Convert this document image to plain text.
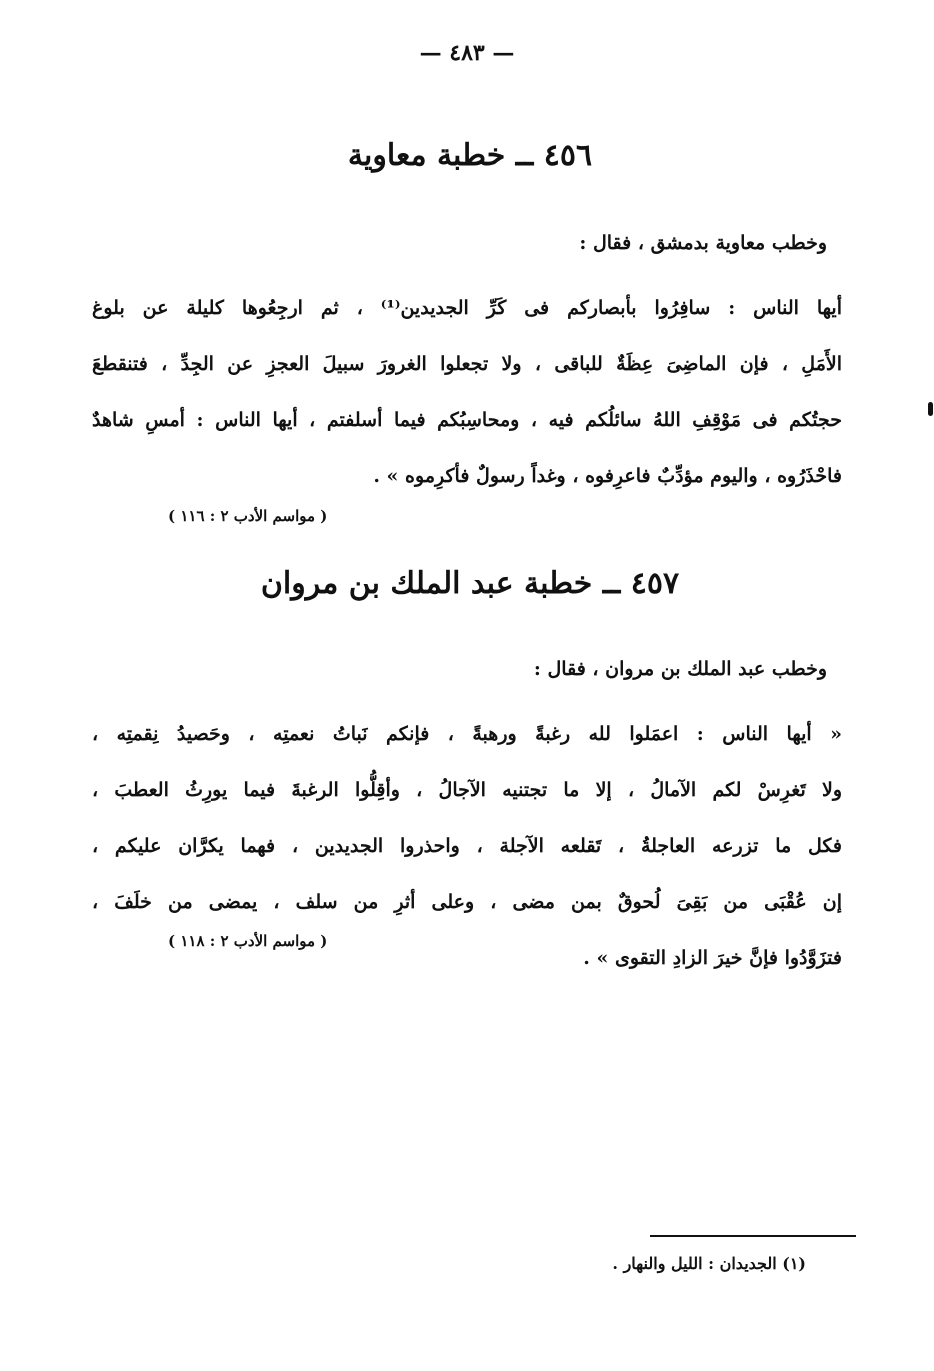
— ٤٨٣ —
٤٥٦ ــ خطبة معاوية
وخطب معاوية بدمشق ، فقال :
أيها الناس : سافِرُوا بأبصاركم فى كَرِّ الجديدين⁽¹⁾ ، ثم ارجِعُوها كليلة عن بلوغ
الأَمَلِ ، فإن الماضِىَ عِظَةٌ للباقى ، ولا تجعلوا الغرورَ سبيلَ العجزِ عن الجِدِّ ، فتنقطعَ
حجتُكم فى مَوْقِفِ اللهُ سائلُكم فيه ، ومحاسِبُكم فيما أسلفتم ، أيها الناس : أمسِ شاهدٌ
فاحْذَرُوه ، واليوم مؤدِّبٌ فاعرِفوه ، وغداً رسولٌ فأكرِموه » .
( مواسم الأدب ٢ : ١١٦ )
٤٥٧ ــ خطبة عبد الملك بن مروان
وخطب عبد الملك بن مروان ، فقال :
« أيها الناس : اعمَلوا لله رغبةً ورهبةً ، فإنكم نَباتُ نعمتِه ، وحَصيدُ نِقمتِه ،
ولا تَغرِسْ لكم الآمالُ ، إلا ما تجتنيه الآجالُ ، وأقِلُّوا الرغبةَ فيما يورِثُ العطبَ ،
فكل ما تزرعه العاجلةُ ، تَقلعه الآجلة ، واحذروا الجديدين ، فهما يكرَّان عليكم ،
إن عُقْبَى من بَقِىَ لُحوقٌ بمن مضى ، وعلى أثرِ من سلف ، يمضى من خلَفَ ،
فتزَوَّدُوا فإنَّ خيرَ الزادِ التقوى » .
( مواسم الأدب ٢ : ١١٨ )
(١) الجديدان : الليل والنهار .
